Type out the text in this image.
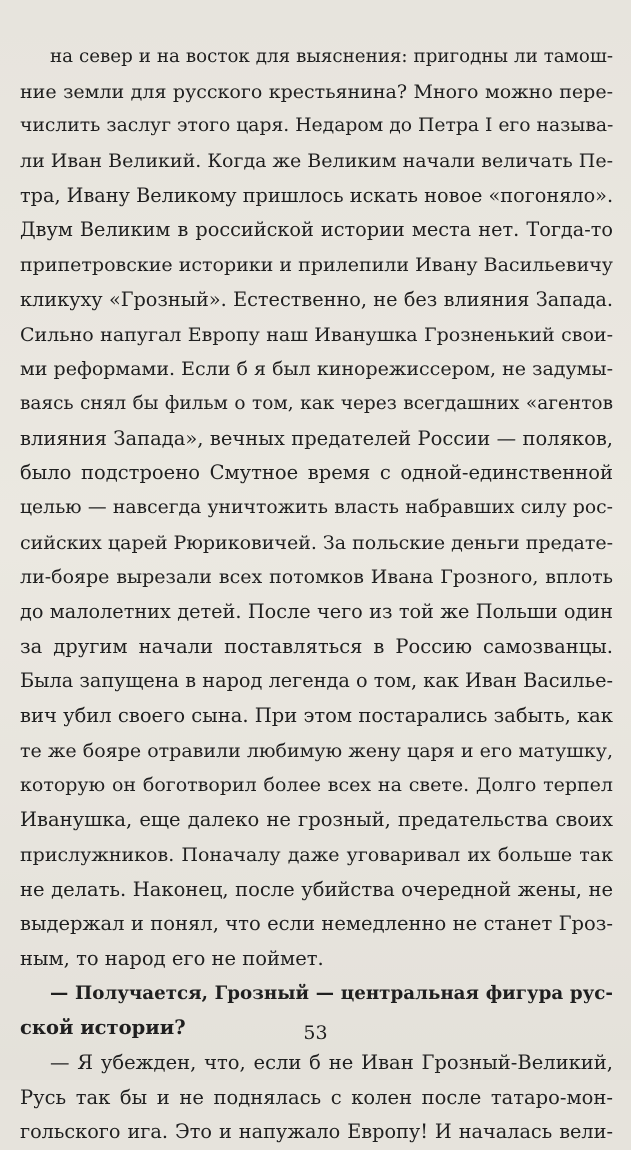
на север и на восток для выяснения: пригодны ли тамош-
ние земли для русского крестьянина? Много можно пере-
числить заслуг этого царя. Недаром до Петра I его называ-
ли Иван Великий. Когда же Великим начали величать Пе-
тра, Ивану Великому пришлось искать новое «погоняло».
Двум Великим в российской истории места нет. Тогда-то
припетровские историки и прилепили Ивану Васильевичу
кликуху «Грозный». Естественно, не без влияния Запада.
Сильно напугал Европу наш Иванушка Грозненький свои-
ми реформами. Если б я был кинорежиссером, не задумы-
ваясь снял бы фильм о том, как через всегдашних «агентов
влияния Запада», вечных предателей России — поляков,
было подстроено Смутное время с одной-единственной
целью — навсегда уничтожить власть набравших силу рос-
сийских царей Рюриковичей. За польские деньги предате-
ли-бояре вырезали всех потомков Ивана Грозного, вплоть
до малолетних детей. После чего из той же Польши один
за другим начали поставляться в Россию самозванцы.
Была запущена в народ легенда о том, как Иван Василье-
вич убил своего сына. При этом постарались забыть, как
те же бояре отравили любимую жену царя и его матушку,
которую он боготворил более всех на свете. Долго терпел
Иванушка, еще далеко не грозный, предательства своих
прислужников. Поначалу даже уговаривал их больше так
не делать. Наконец, после убийства очередной жены, не
выдержал и понял, что если немедленно не станет Гроз-
ным, то народ его не поймет.
— Получается, Грозный — центральная фигура рус-
ской истории?
— Я убежден, что, если б не Иван Грозный-Великий,
Русь так бы и не поднялась с колен после татаро-мон-
гольского ига. Это и напужало Европу! И началась вели-
53
